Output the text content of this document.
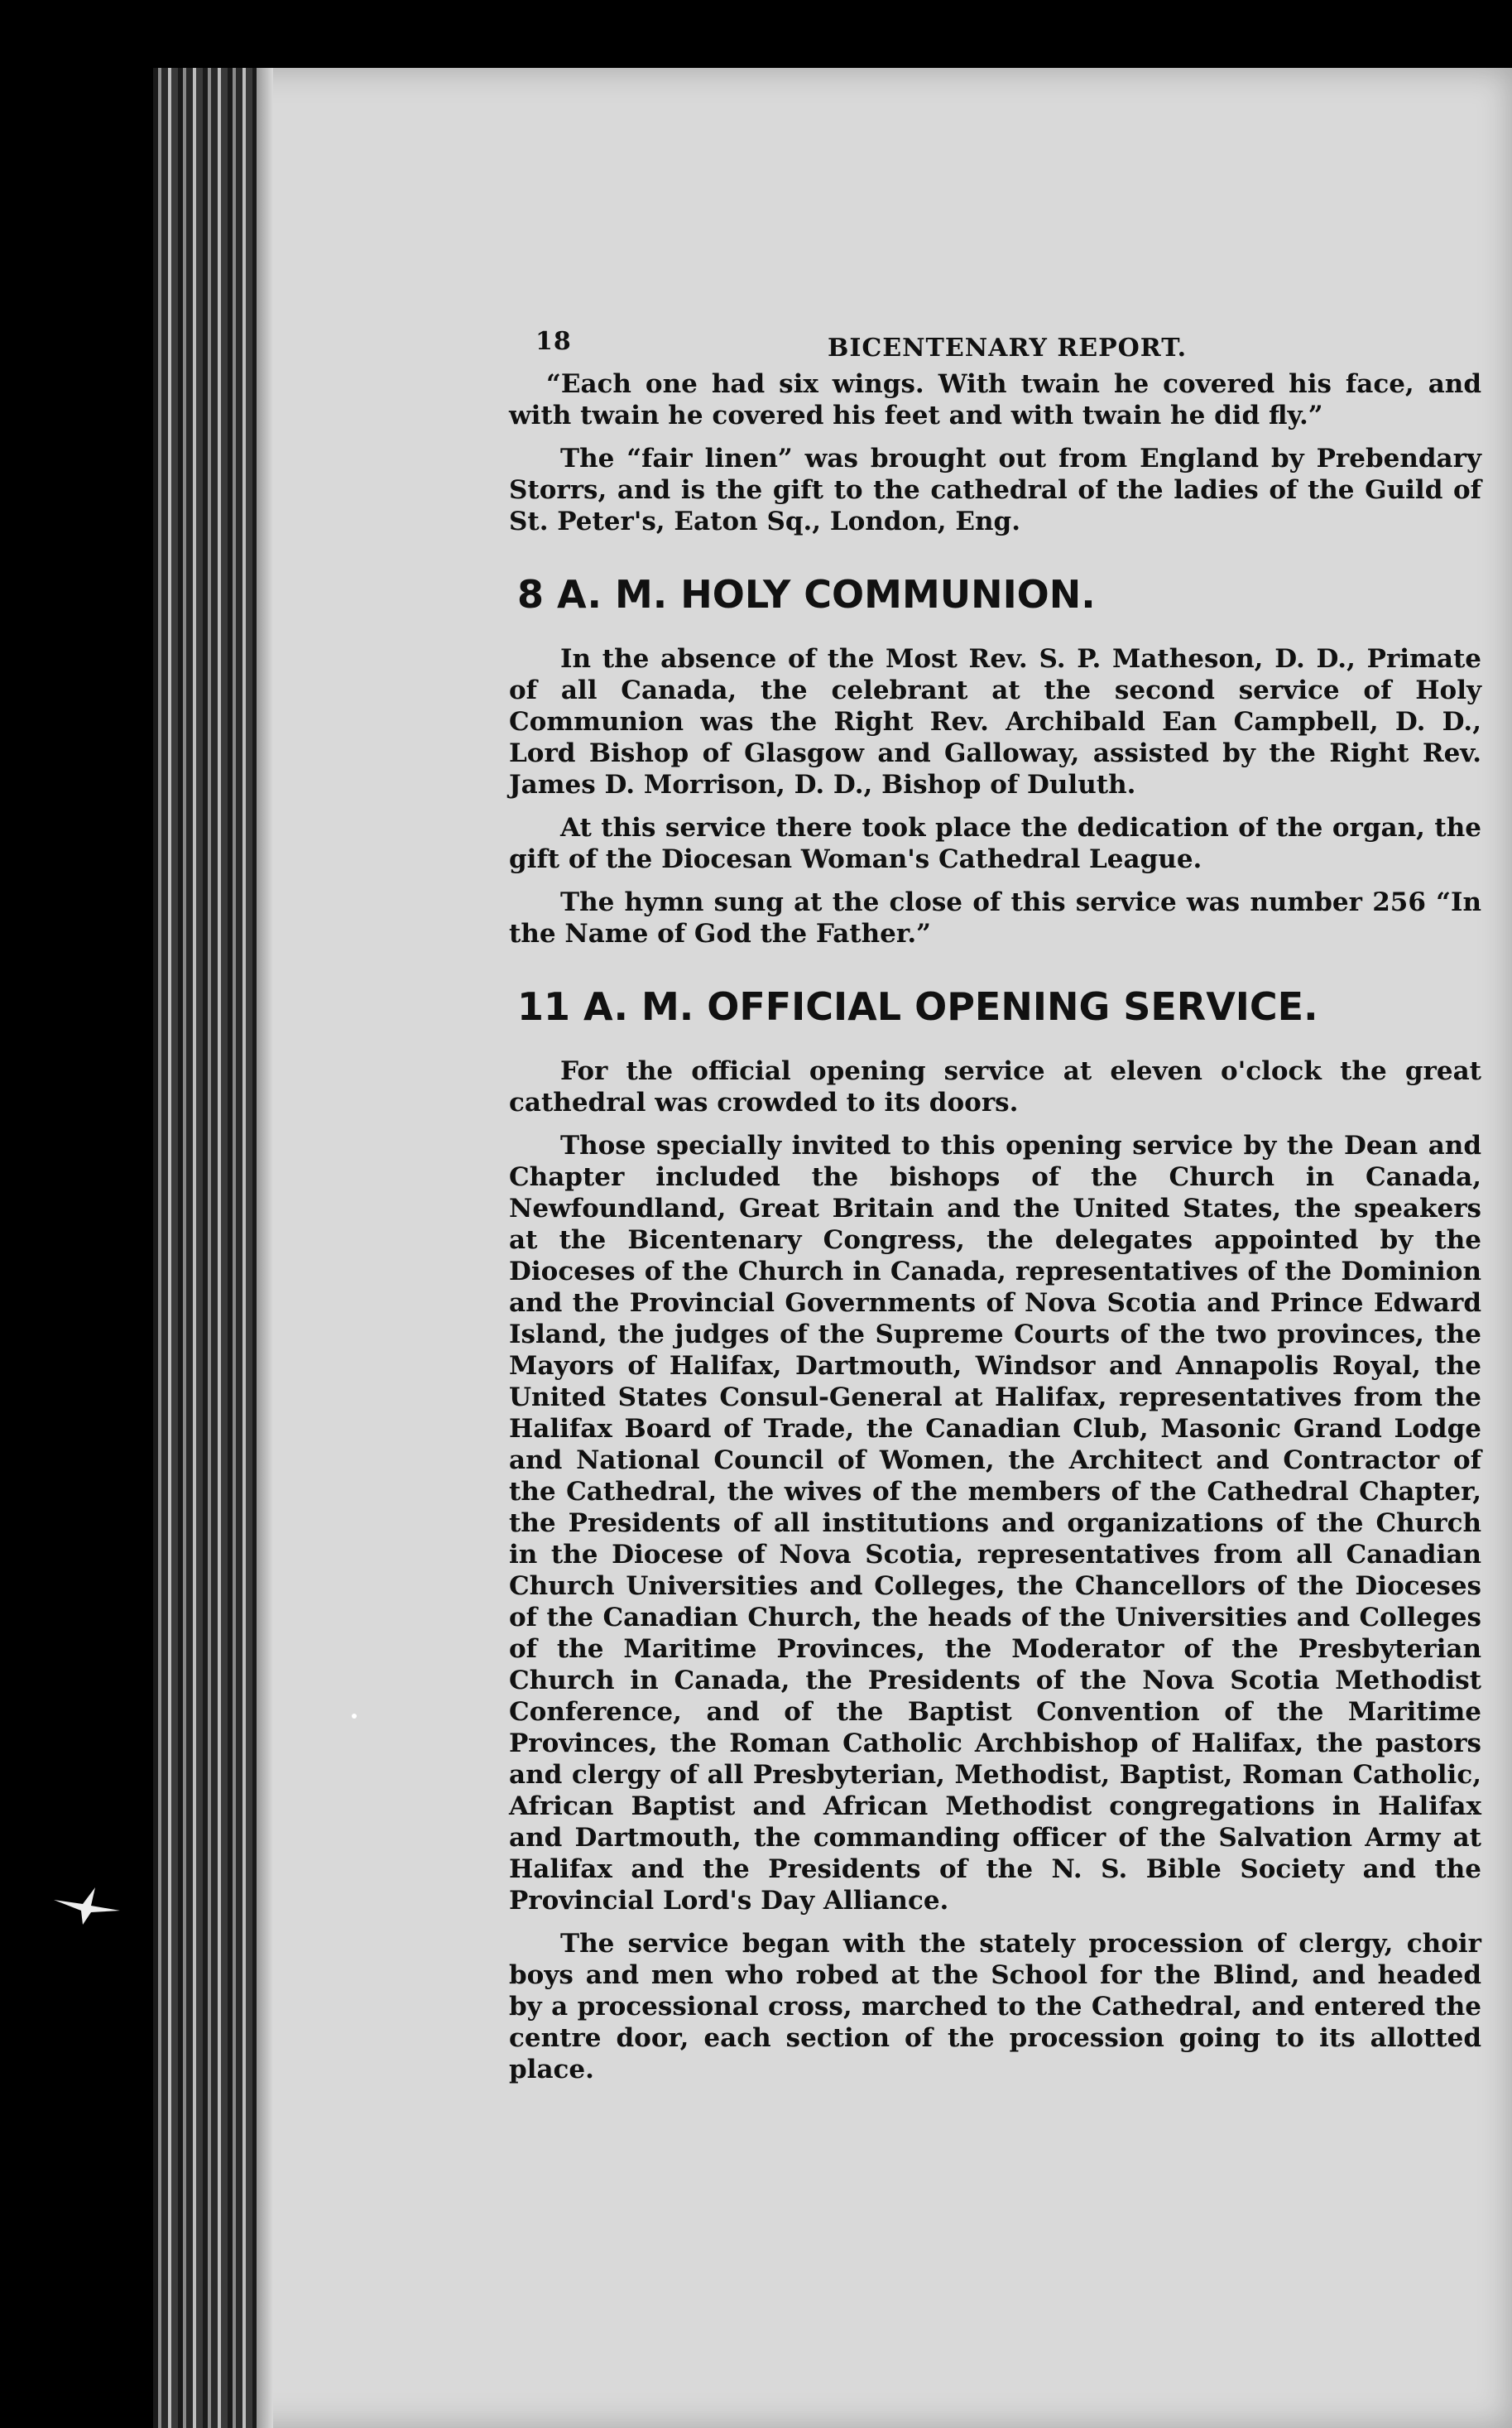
18	BICENTENARY REPORT.

“Each one had six wings. With twain he covered his face, and with twain he covered his feet and with twain he did fly.”

The “fair linen” was brought out from England by Prebendary Storrs, and is the gift to the cathedral of the ladies of the Guild of St. Peter's, Eaton Sq., London, Eng.

8 A. M. HOLY COMMUNION.

In the absence of the Most Rev. S. P. Matheson, D. D., Primate of all Canada, the celebrant at the second service of Holy Communion was the Right Rev. Archibald Ean Campbell, D. D., Lord Bishop of Glasgow and Galloway, assisted by the Right Rev. James D. Morrison, D. D., Bishop of Duluth.

At this service there took place the dedication of the organ, the gift of the Diocesan Woman's Cathedral League.

The hymn sung at the close of this service was number 256 “In the Name of God the Father.”

11 A. M. OFFICIAL OPENING SERVICE.

For the official opening service at eleven o'clock the great cathedral was crowded to its doors.

Those specially invited to this opening service by the Dean and Chapter included the bishops of the Church in Canada, Newfoundland, Great Britain and the United States, the speakers at the Bicentenary Congress, the delegates appointed by the Dioceses of the Church in Canada, representatives of the Dominion and the Provincial Governments of Nova Scotia and Prince Edward Island, the judges of the Supreme Courts of the two provinces, the Mayors of Halifax, Dartmouth, Windsor and Annapolis Royal, the United States Consul-General at Halifax, representatives from the Halifax Board of Trade, the Canadian Club, Masonic Grand Lodge and National Council of Women, the Architect and Contractor of the Cathedral, the wives of the members of the Cathedral Chapter, the Presidents of all institutions and organizations of the Church in the Diocese of Nova Scotia, representatives from all Canadian Church Universities and Colleges, the Chancellors of the Dioceses of the Canadian Church, the heads of the Universities and Colleges of the Maritime Provinces, the Moderator of the Presbyterian Church in Canada, the Presidents of the Nova Scotia Methodist Conference, and of the Baptist Convention of the Maritime Provinces, the Roman Catholic Archbishop of Halifax, the pastors and clergy of all Presbyterian, Methodist, Baptist, Roman Catholic, African Baptist and African Methodist congregations in Halifax and Dartmouth, the commanding officer of the Salvation Army at Halifax and the Presidents of the N. S. Bible Society and the Provincial Lord's Day Alliance.

The service began with the stately procession of clergy, choir boys and men who robed at the School for the Blind, and headed by a processional cross, marched to the Cathedral, and entered the centre door, each section of the procession going to its allotted place.
